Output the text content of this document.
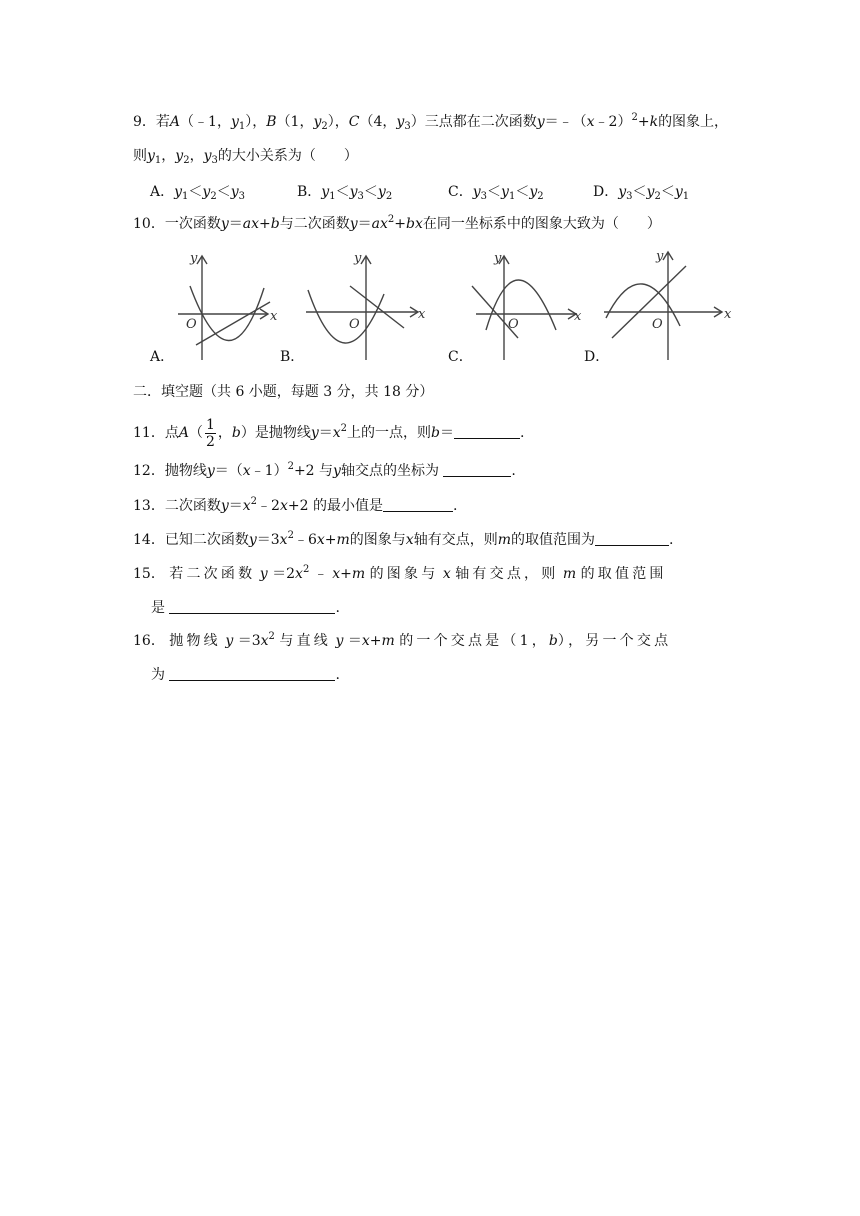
9．若A（﹣1，$y_1$），B（1，$y_2$），C（4，$y_3$）三点都在二次函数y＝﹣（x﹣2）$^2$+k的图象上，
则$y_1$，$y_2$，$y_3$的大小关系为（　　）
A．$y_1<y_2<y_3$	B．$y_1<y_3<y_2$	C．$y_3<y_1<y_2$	D．$y_3<y_2<y_1$
10．一次函数y＝ax+b与二次函数$y=ax^2+bx$在同一坐标系中的图象大致为（　　）
y
x
O
y
x
O
y
x
O
y
x
O
A．	B．	C．	D．
二．填空题（共 6 小题，每题 3 分，共 18 分）
11．点$A( \frac{1}{2}$ ，b）是抛物线$y=x^2$上的一点，则b＝	.
12．抛物线y＝（x﹣1）$^2$+2 与y轴交点的坐标为	.
13．二次函数$y=x^2﹣2x+2$ 的最小值是	.
14．已知二次函数$y=3x^2﹣6x+m$的图象与x轴有交点，则m的取值范围为	.
15． 若二次函数 $y =2x^2$ ﹣ x+m 的图象与 x 轴有交点，则 m 的取值范围
是	.
16． 抛物线 $y =3x^2$ 与直线 y ＝x+m 的一个交点是（1，b），另一个交点
为	.
